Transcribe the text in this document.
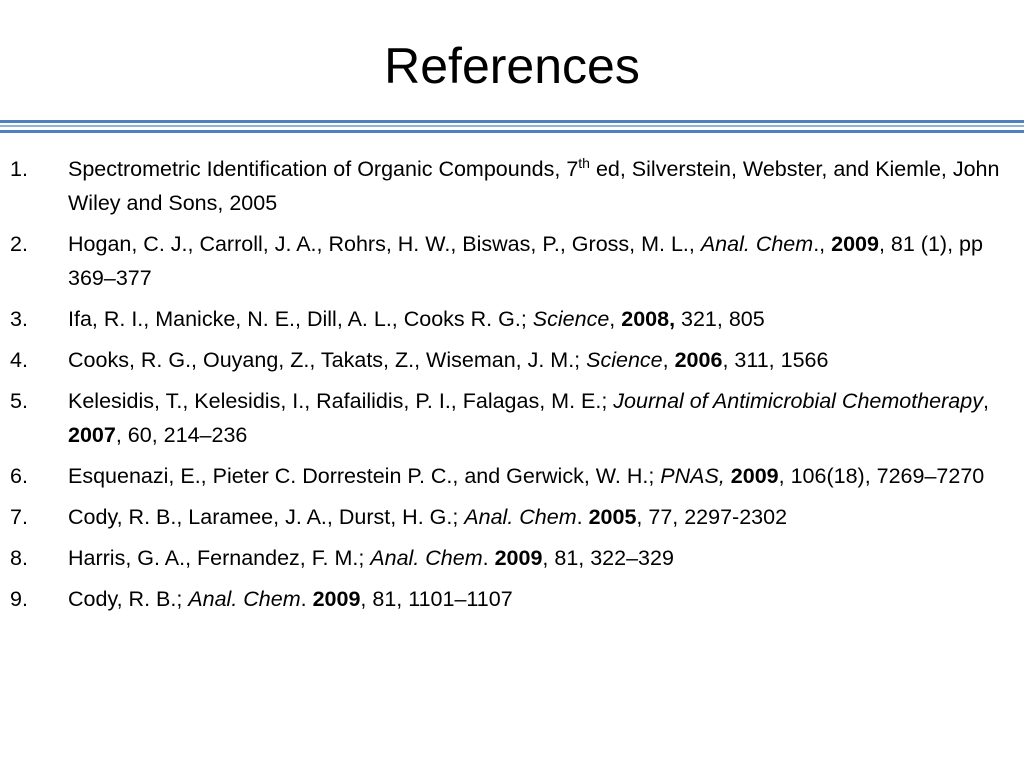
References
1. Spectrometric Identification of Organic Compounds, 7th ed, Silverstein, Webster, and Kiemle, John Wiley and Sons, 2005
2. Hogan, C. J., Carroll, J. A., Rohrs, H. W., Biswas, P., Gross, M. L., Anal. Chem., 2009, 81 (1), pp 369–377
3. Ifa, R. I., Manicke, N. E., Dill, A. L., Cooks R. G.; Science, 2008, 321, 805
4. Cooks, R. G., Ouyang, Z., Takats, Z., Wiseman, J. M.; Science, 2006, 311, 1566
5. Kelesidis, T., Kelesidis, I., Rafailidis, P. I., Falagas, M. E.; Journal of Antimicrobial Chemotherapy, 2007, 60, 214–236
6. Esquenazi, E., Pieter C. Dorrestein P. C., and Gerwick, W. H.; PNAS, 2009, 106(18), 7269–7270
7. Cody, R. B., Laramee, J. A., Durst, H. G.; Anal. Chem. 2005, 77, 2297-2302
8. Harris, G. A., Fernandez, F. M.; Anal. Chem. 2009, 81, 322–329
9. Cody, R. B.; Anal. Chem. 2009, 81, 1101–1107
